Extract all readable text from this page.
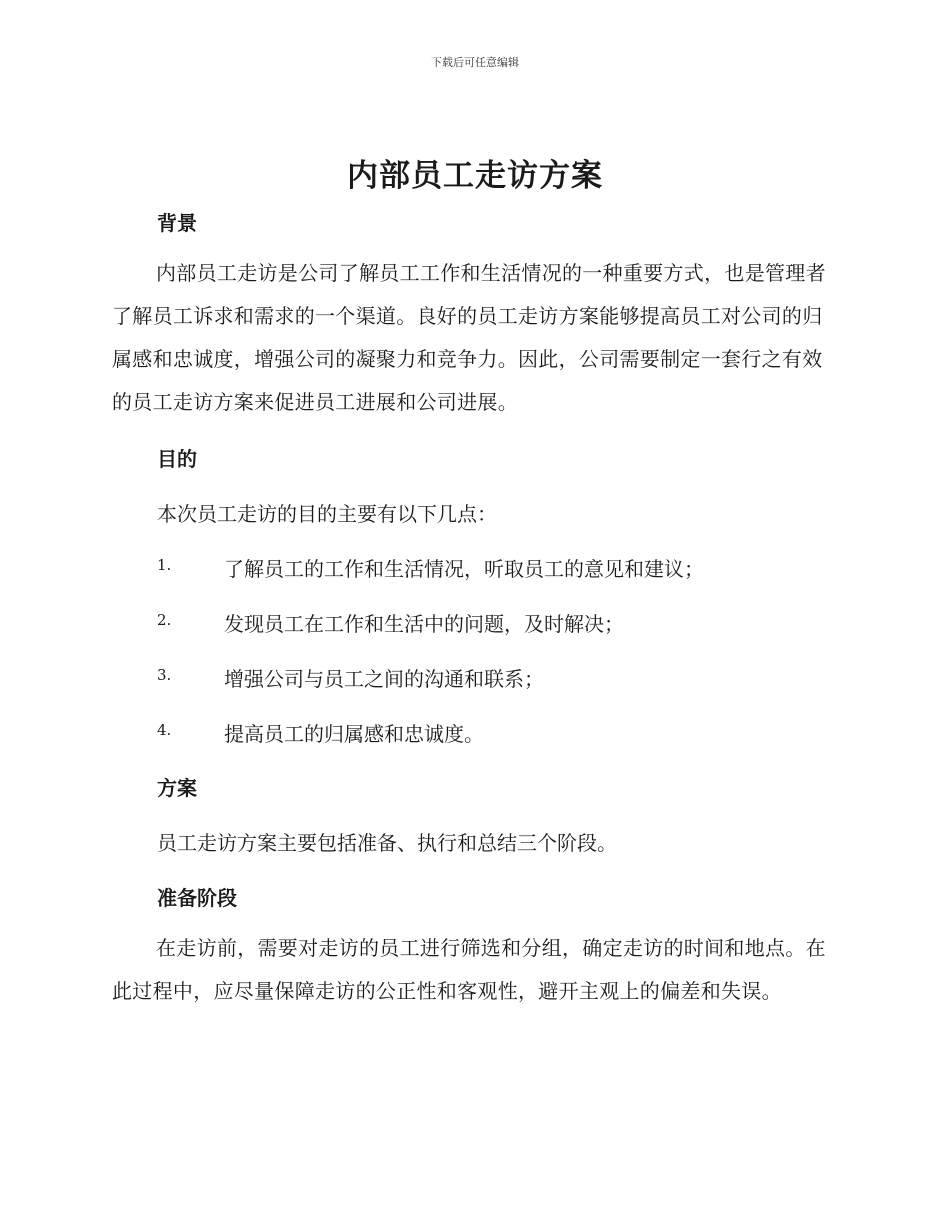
下载后可任意编辑
内部员工走访方案
背景

内部员工走访是公司了解员工工作和生活情况的一种重要方式，也是管理者了解员工诉求和需求的一个渠道。良好的员工走访方案能够提高员工对公司的归属感和忠诚度，增强公司的凝聚力和竞争力。因此，公司需要制定一套行之有效的员工走访方案来促进员工进展和公司进展。

目的

本次员工走访的目的主要有以下几点：

1.	了解员工的工作和生活情况，听取员工的意见和建议；
2.	发现员工在工作和生活中的问题，及时解决；
3.	增强公司与员工之间的沟通和联系；
4.	提高员工的归属感和忠诚度。
方案

员工走访方案主要包括准备、执行和总结三个阶段。

准备阶段

在走访前，需要对走访的员工进行筛选和分组，确定走访的时间和地点。在此过程中，应尽量保障走访的公正性和客观性，避开主观上的偏差和失误。
